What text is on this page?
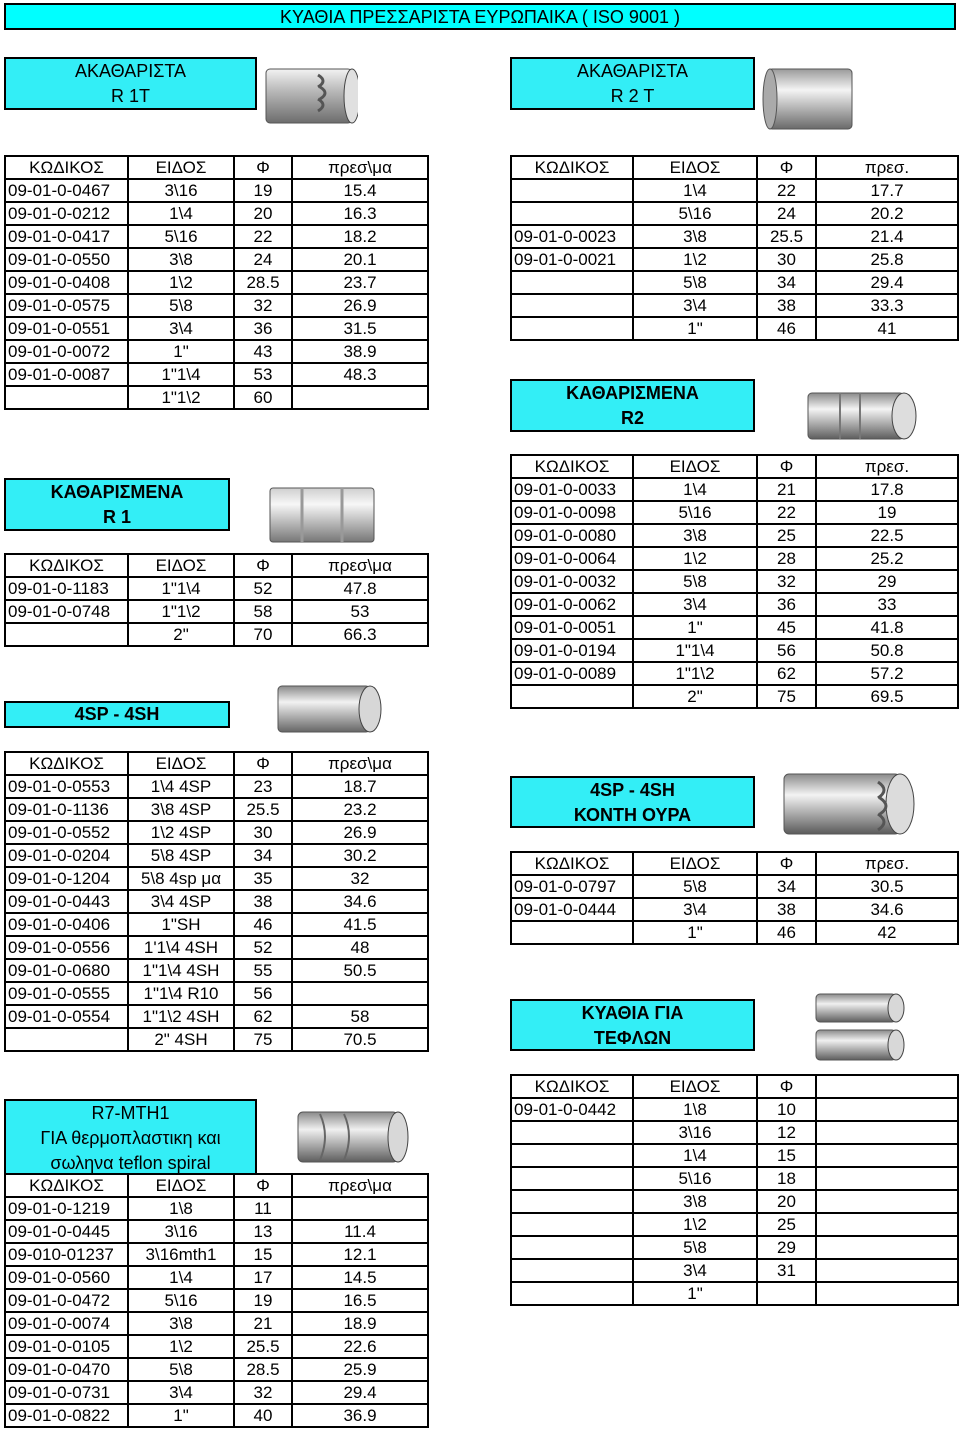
ΚΥΑΘΙΑ ΠΡΕΣΣΑΡΙΣΤΑ ΕΥΡΩΠΑΙΚΑ ( ISO 9001 )
ΑΚΑΘΑΡΙΣΤΑ
R 1T
ΑΚΑΘΑΡΙΣΤΑ
R 2 T
ΚΩΔΙΚΟΣ	ΕΙΔΟΣ	Φ	πρεσ\μα
09-01-0-0467	3\16	19	15.4
09-01-0-0212	1\4	20	16.3
09-01-0-0417	5\16	22	18.2
09-01-0-0550	3\8	24	20.1
09-01-0-0408	1\2	28.5	23.7
09-01-0-0575	5\8	32	26.9
09-01-0-0551	3\4	36	31.5
09-01-0-0072	1"	43	38.9
09-01-0-0087	1"1\4	53	48.3
	1"1\2	60	
ΚΩΔΙΚΟΣ	ΕΙΔΟΣ	Φ	πρεσ.
	1\4	22	17.7
	5\16	24	20.2
09-01-0-0023	3\8	25.5	21.4
09-01-0-0021	1\2	30	25.8
	5\8	34	29.4
	3\4	38	33.3
	1"	46	41
ΚΑΘΑΡΙΣΜΕΝΑ
R2
ΚΩΔΙΚΟΣ	ΕΙΔΟΣ	Φ	πρεσ.
09-01-0-0033	1\4	21	17.8
09-01-0-0098	5\16	22	19
09-01-0-0080	3\8	25	22.5
09-01-0-0064	1\2	28	25.2
09-01-0-0032	5\8	32	29
09-01-0-0062	3\4	36	33
09-01-0-0051	1"	45	41.8
09-01-0-0194	1"1\4	56	50.8
09-01-0-0089	1"1\2	62	57.2
	2"	75	69.5
ΚΑΘΑΡΙΣΜΕΝΑ
R 1
ΚΩΔΙΚΟΣ	ΕΙΔΟΣ	Φ	πρεσ\μα
09-01-0-1183	1"1\4	52	47.8
09-01-0-0748	1"1\2	58	53
	2"	70	66.3
4SP - 4SH
ΚΩΔΙΚΟΣ	ΕΙΔΟΣ	Φ	πρεσ\μα
09-01-0-0553	1\4 4SP	23	18.7
09-01-0-1136	3\8 4SP	25.5	23.2
09-01-0-0552	1\2 4SP	30	26.9
09-01-0-0204	5\8 4SP	34	30.2
09-01-0-1204	5\8 4sp μα	35	32
09-01-0-0443	3\4 4SP	38	34.6
09-01-0-0406	1"SH	46	41.5
09-01-0-0556	1'1\4 4SH	52	48
09-01-0-0680	1"1\4 4SH	55	50.5
09-01-0-0555	1"1\4 R10	56	
09-01-0-0554	1"1\2 4SH	62	58
	2" 4SH	75	70.5
4SP - 4SH
ΚΟΝΤΗ ΟΥΡΑ
ΚΩΔΙΚΟΣ	ΕΙΔΟΣ	Φ	πρεσ.
09-01-0-0797	5\8	34	30.5
09-01-0-0444	3\4	38	34.6
	1"	46	42
ΚΥΑΘΙΑ ΓΙΑ
ΤΕΦΛΩΝ
ΚΩΔΙΚΟΣ	ΕΙΔΟΣ	Φ	
09-01-0-0442	1\8	10	
	3\16	12	
	1\4	15	
	5\16	18	
	3\8	20	
	1\2	25	
	5\8	29	
	3\4	31	
	1"		
R7-MTH1
ΓΙΑ θερμοπλαστικη και
σωληνα teflon spiral
ΚΩΔΙΚΟΣ	ΕΙΔΟΣ	Φ	πρεσ\μα
09-01-0-1219	1\8	11	
09-01-0-0445	3\16	13	11.4
09-010-01237	3\16mth1	15	12.1
09-01-0-0560	1\4	17	14.5
09-01-0-0472	5\16	19	16.5
09-01-0-0074	3\8	21	18.9
09-01-0-0105	1\2	25.5	22.6
09-01-0-0470	5\8	28.5	25.9
09-01-0-0731	3\4	32	29.4
09-01-0-0822	1"	40	36.9
